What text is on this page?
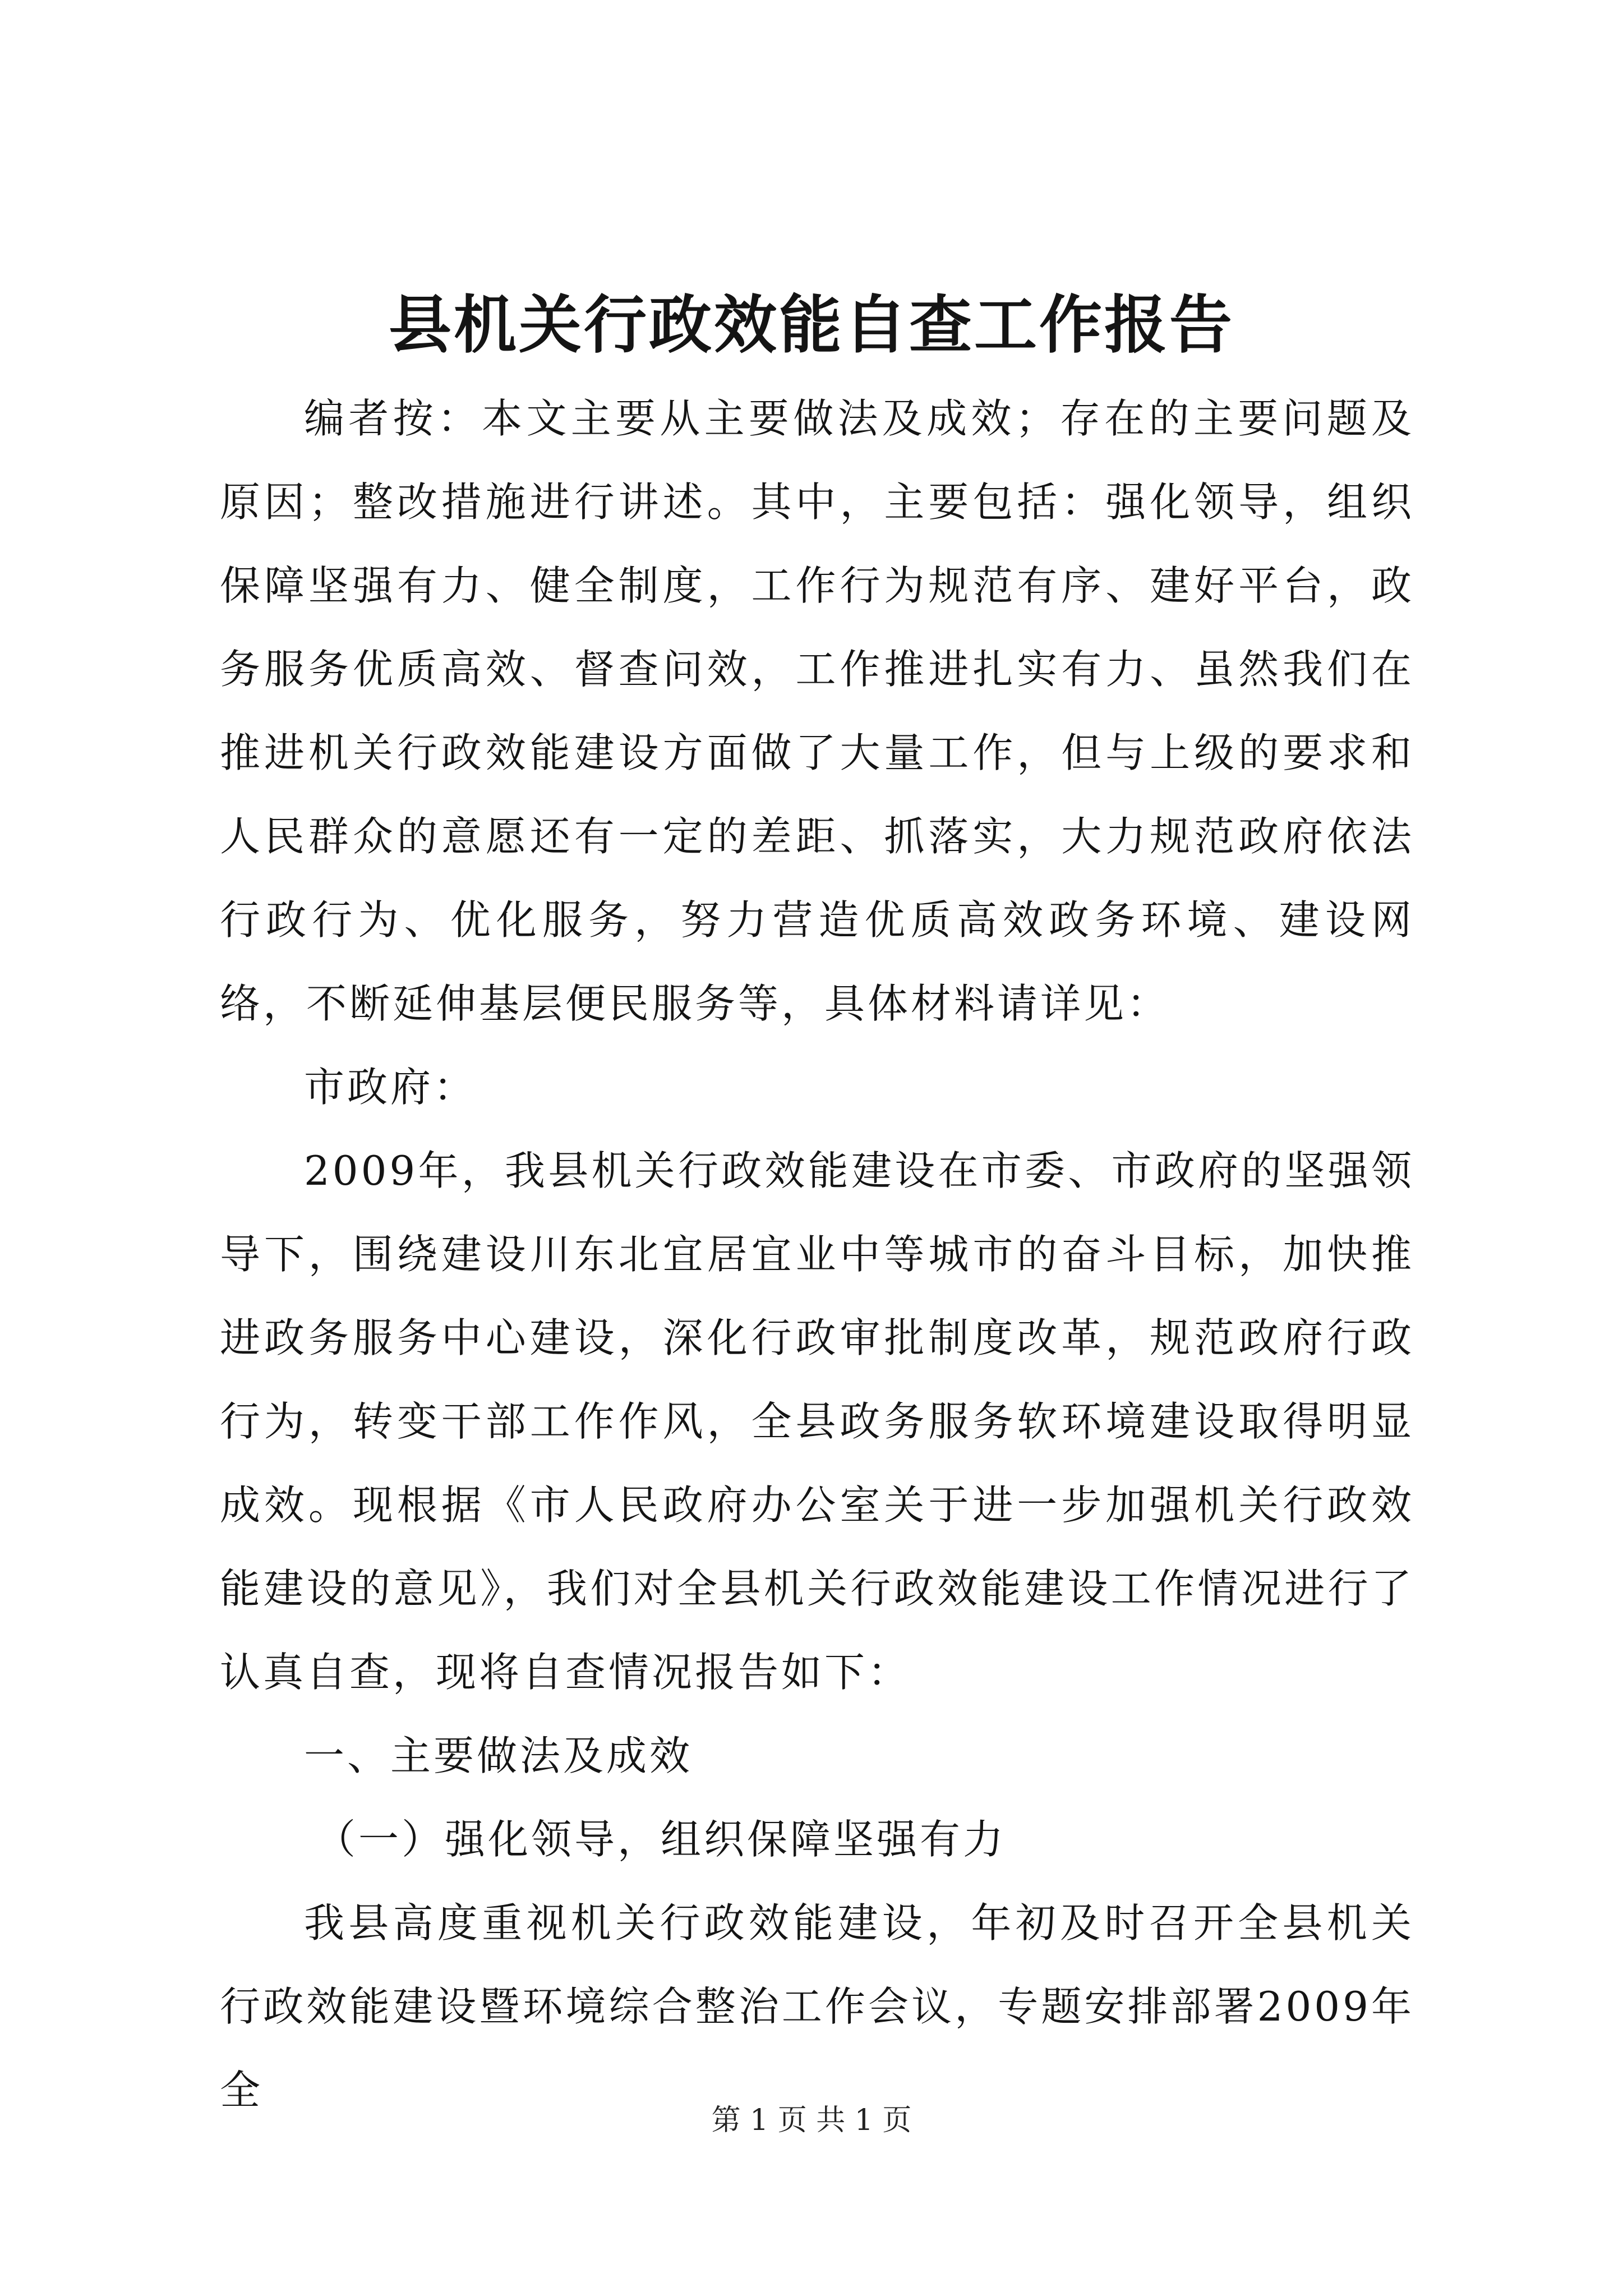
县机关行政效能自查工作报告

编者按：本文主要从主要做法及成效；存在的主要问题及原因；整改措施进行讲述。其中，主要包括：强化领导，组织保障坚强有力、健全制度，工作行为规范有序、建好平台，政务服务优质高效、督查问效，工作推进扎实有力、虽然我们在推进机关行政效能建设方面做了大量工作，但与上级的要求和人民群众的意愿还有一定的差距、抓落实，大力规范政府依法行政行为、优化服务，努力营造优质高效政务环境、建设网络，不断延伸基层便民服务等，具体材料请详见：

市政府：

2009年，我县机关行政效能建设在市委、市政府的坚强领导下，围绕建设川东北宜居宜业中等城市的奋斗目标，加快推进政务服务中心建设，深化行政审批制度改革，规范政府行政行为，转变干部工作作风，全县政务服务软环境建设取得明显成效。现根据《市人民政府办公室关于进一步加强机关行政效能建设的意见》，我们对全县机关行政效能建设工作情况进行了认真自查，现将自查情况报告如下：

一、主要做法及成效

（一）强化领导，组织保障坚强有力

我县高度重视机关行政效能建设，年初及时召开全县机关行政效能建设暨环境综合整治工作会议，专题安排部署2009年全

第 1 页 共 1 页
